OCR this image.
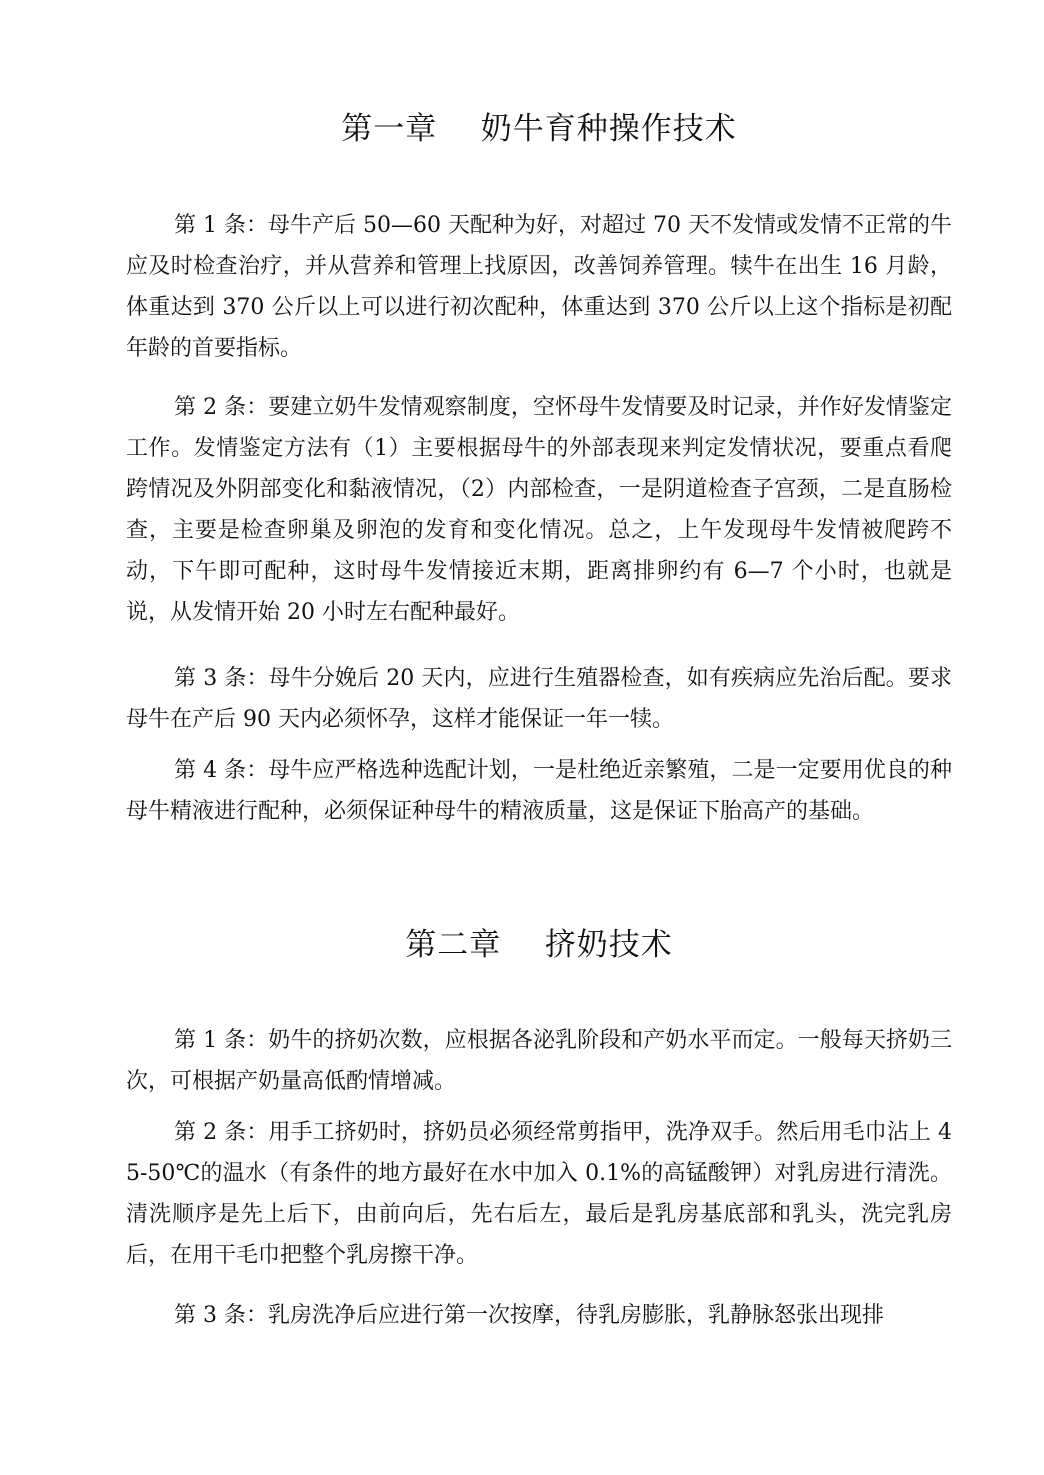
第一章    奶牛育种操作技术

第 1 条：母牛产后 50—60 天配种为好，对超过 70 天不发情或发情不正常的牛应及时检查治疗，并从营养和管理上找原因，改善饲养管理。犊牛在出生 16 月龄，体重达到 370 公斤以上可以进行初次配种，体重达到 370 公斤以上这个指标是初配年龄的首要指标。

第 2 条：要建立奶牛发情观察制度，空怀母牛发情要及时记录，并作好发情鉴定工作。发情鉴定方法有（1）主要根据母牛的外部表现来判定发情状况，要重点看爬跨情况及外阴部变化和黏液情况，（2）内部检查，一是阴道检查子宫颈，二是直肠检查，主要是检查卵巢及卵泡的发育和变化情况。总之，上午发现母牛发情被爬跨不动，下午即可配种，这时母牛发情接近末期，距离排卵约有 6—7 个小时，也就是说，从发情开始 20 小时左右配种最好。

第 3 条：母牛分娩后 20 天内，应进行生殖器检查，如有疾病应先治后配。要求母牛在产后 90 天内必须怀孕，这样才能保证一年一犊。

第 4 条：母牛应严格选种选配计划，一是杜绝近亲繁殖，二是一定要用优良的种母牛精液进行配种，必须保证种母牛的精液质量，这是保证下胎高产的基础。

第二章    挤奶技术

第 1 条：奶牛的挤奶次数，应根据各泌乳阶段和产奶水平而定。一般每天挤奶三次，可根据产奶量高低酌情增减。

第 2 条：用手工挤奶时，挤奶员必须经常剪指甲，洗净双手。然后用毛巾沾上 45-50℃的温水（有条件的地方最好在水中加入 0.1%的高锰酸钾）对乳房进行清洗。清洗顺序是先上后下，由前向后，先右后左，最后是乳房基底部和乳头，洗完乳房后，在用干毛巾把整个乳房擦干净。

第 3 条：乳房洗净后应进行第一次按摩，待乳房膨胀，乳静脉怒张出现排
